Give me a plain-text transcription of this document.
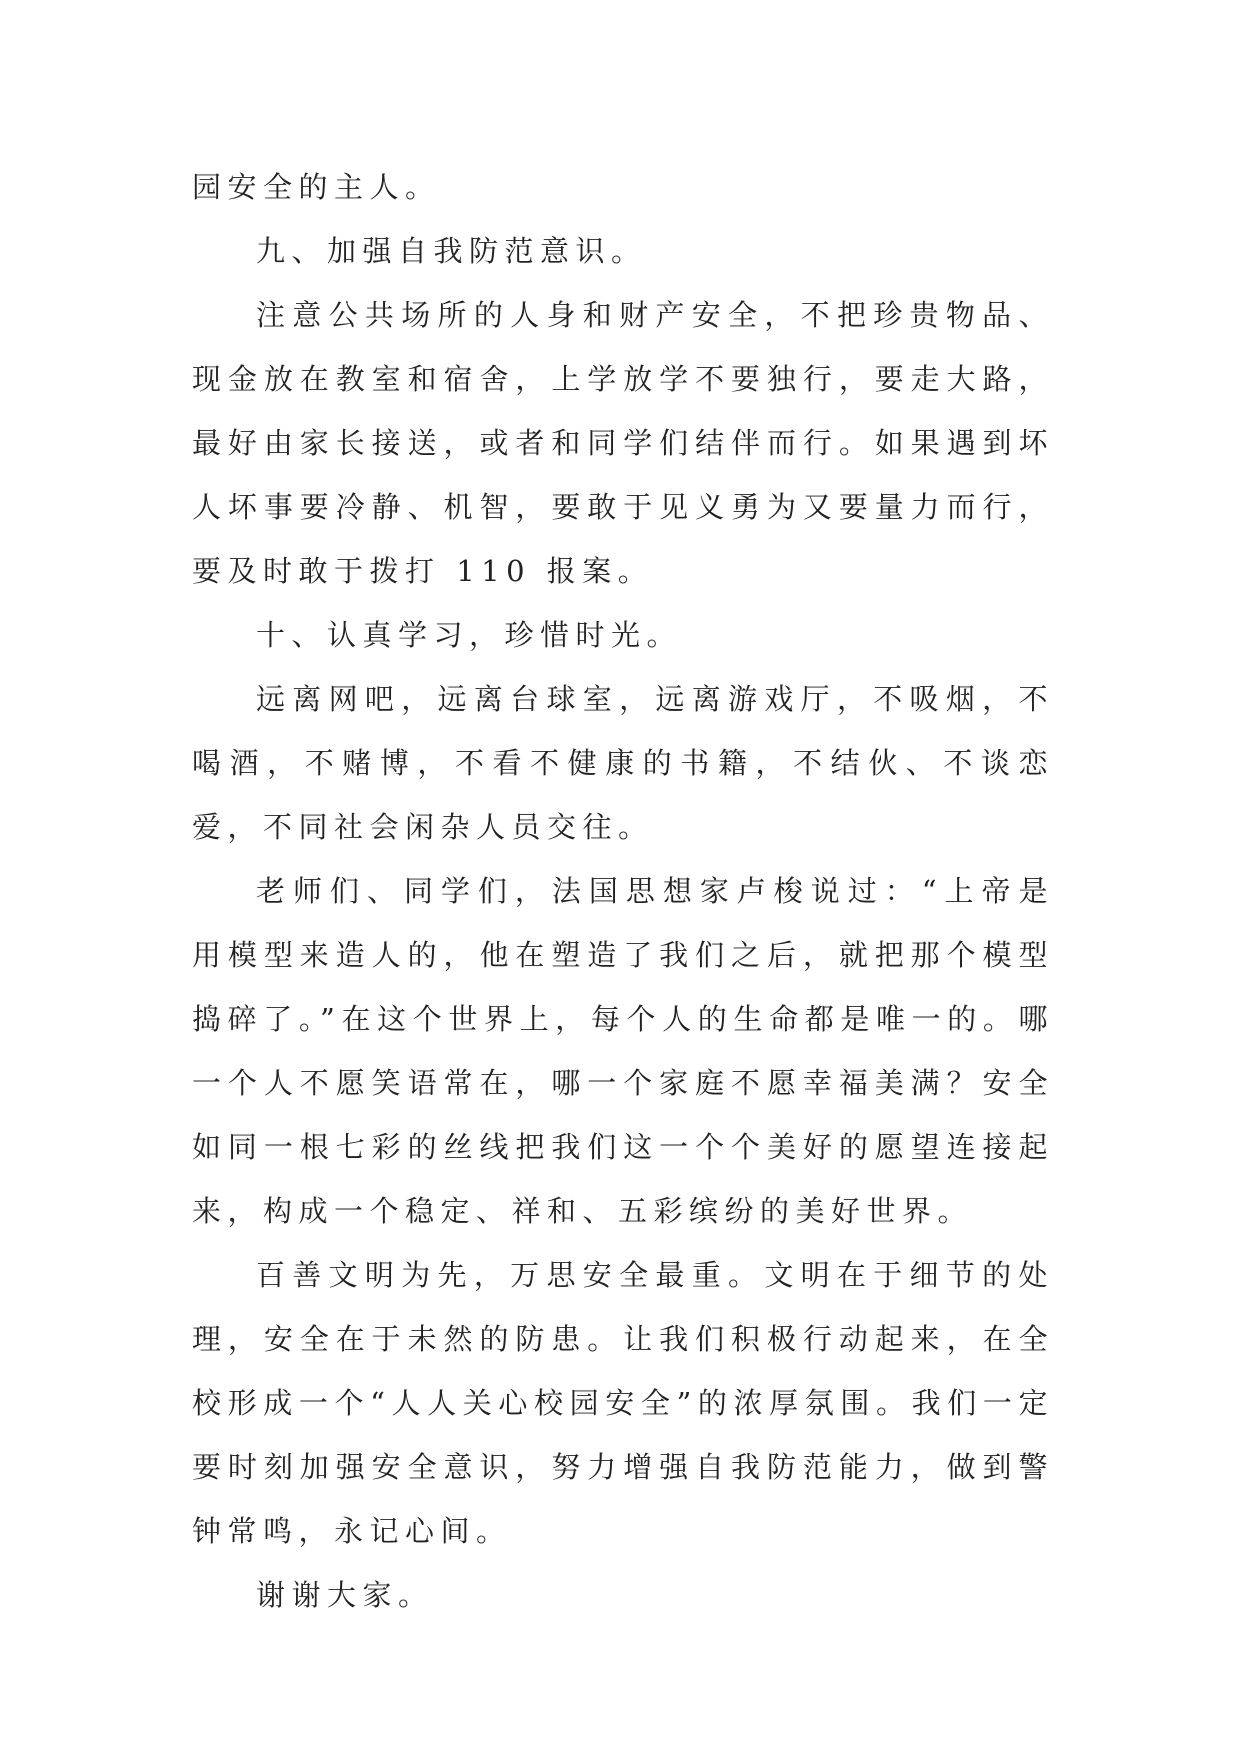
园安全的主人。

九、加强自我防范意识。

注意公共场所的人身和财产安全，不把珍贵物品、现金放在教室和宿舍，上学放学不要独行，要走大路，最好由家长接送，或者和同学们结伴而行。如果遇到坏人坏事要冷静、机智，要敢于见义勇为又要量力而行，要及时敢于拨打 110 报案。

十、认真学习，珍惜时光。

远离网吧，远离台球室，远离游戏厅，不吸烟，不喝酒，不赌博，不看不健康的书籍，不结伙、不谈恋爱，不同社会闲杂人员交往。

老师们、同学们，法国思想家卢梭说过：“上帝是用模型来造人的，他在塑造了我们之后，就把那个模型捣碎了。”在这个世界上，每个人的生命都是唯一的。哪一个人不愿笑语常在，哪一个家庭不愿幸福美满？安全如同一根七彩的丝线把我们这一个个美好的愿望连接起来，构成一个稳定、祥和、五彩缤纷的美好世界。

百善文明为先，万思安全最重。文明在于细节的处理，安全在于未然的防患。让我们积极行动起来，在全校形成一个“人人关心校园安全”的浓厚氛围。我们一定要时刻加强安全意识，努力增强自我防范能力，做到警钟常鸣，永记心间。

谢谢大家。
